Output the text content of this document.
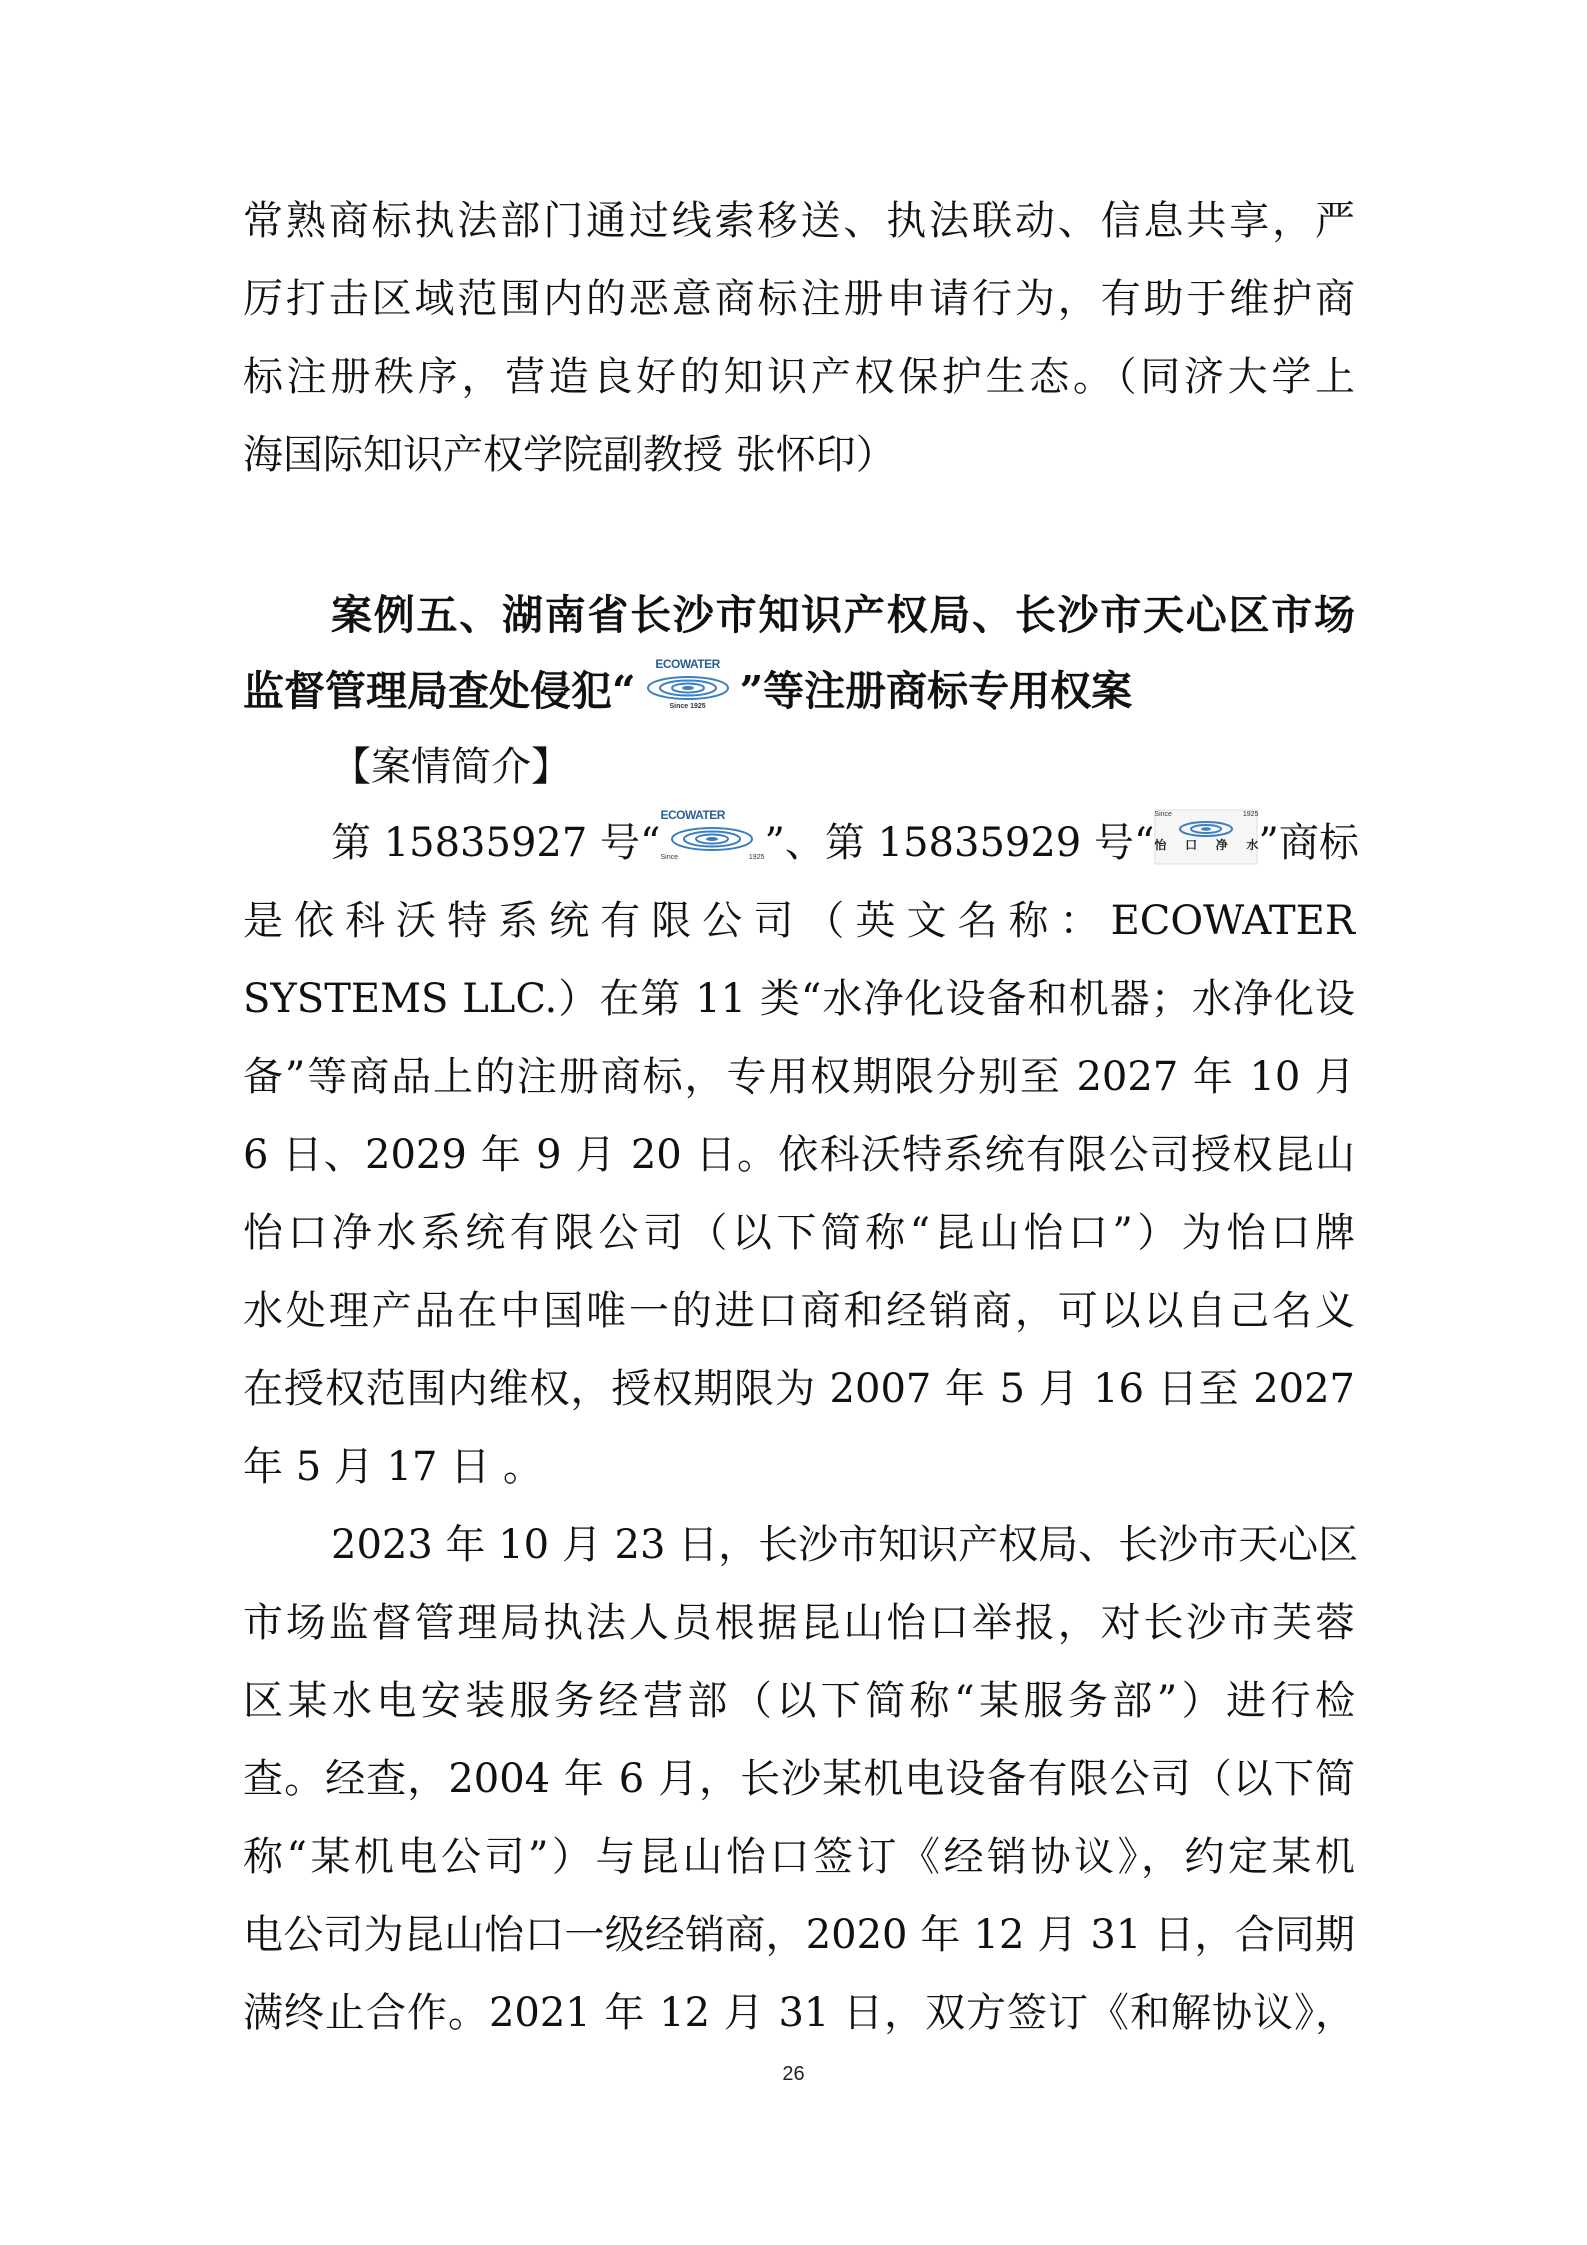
常熟商标执法部门通过线索移送、执法联动、信息共享，严
厉打击区域范围内的恶意商标注册申请行为，有助于维护商
标注册秩序，营造良好的知识产权保护生态。（同济大学上
海国际知识产权学院副教授 张怀印）
案例五、湖南省长沙市知识产权局、长沙市天心区市场
监督管理局查处侵犯“
ECOWATER
Since 1925 ”等注册商标专用权案
【案情简介】
第 15835927 号“
ECOWATER
Since 1925 ”、第 15835929 号“
Since 1925
怡口净水 ”商标
是依科沃特系统有限公司（英文名称：ECOWATER
SYSTEMS LLC.）在第 11 类“水净化设备和机器；水净化设
备”等商品上的注册商标，专用权期限分别至 2027 年 10 月
6 日、2029 年 9 月 20 日。依科沃特系统有限公司授权昆山
怡口净水系统有限公司（以下简称“昆山怡口”）为怡口牌
水处理产品在中国唯一的进口商和经销商，可以以自己名义
在授权范围内维权，授权期限为 2007 年 5 月 16 日至 2027
年 5 月 17 日 。
2023 年 10 月 23 日，长沙市知识产权局、长沙市天心区
市场监督管理局执法人员根据昆山怡口举报，对长沙市芙蓉
区某水电安装服务经营部（以下简称“某服务部”）进行检
查。经查，2004 年 6 月，长沙某机电设备有限公司（以下简
称“某机电公司”）与昆山怡口签订《经销协议》，约定某机
电公司为昆山怡口一级经销商，2020 年 12 月 31 日，合同期
满终止合作。2021 年 12 月 31 日，双方签订《和解协议》，
26
